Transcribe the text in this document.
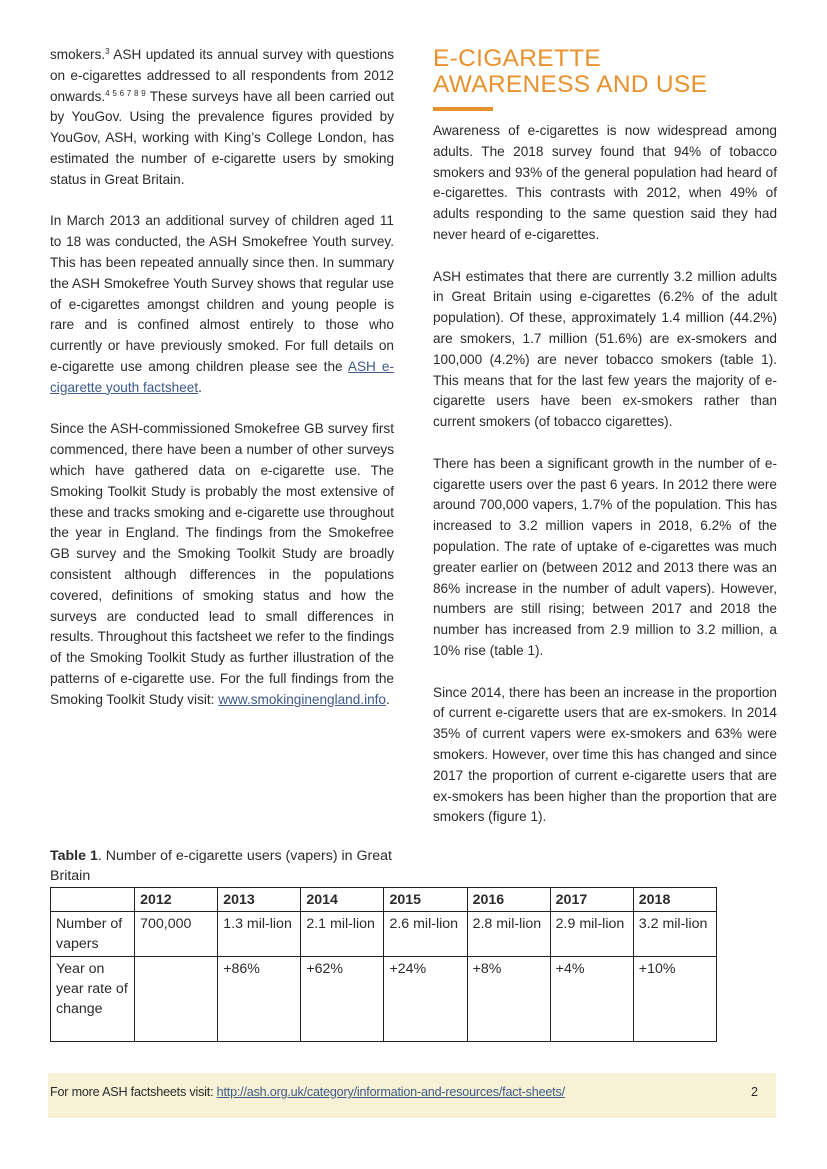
smokers.$^3$ ASH updated its annual survey with questions on e-cigarettes addressed to all respondents from 2012 onwards.$^{4 5 6 7 8 9}$ These surveys have all been carried out by YouGov. Using the prevalence figures provided by YouGov, ASH, working with King’s College London, has estimated the number of e-cigarette users by smoking status in Great Britain.

In March 2013 an additional survey of children aged 11 to 18 was conducted, the ASH Smokefree Youth survey. This has been repeated annually since then. In summary the ASH Smokefree Youth Survey shows that regular use of e-cigarettes amongst children and young people is rare and is confined almost entirely to those who currently or have previously smoked. For full details on e-cigarette use among children please see the ASH e-cigarette youth factsheet.

Since the ASH-commissioned Smokefree GB survey first commenced, there have been a number of other surveys which have gathered data on e-cigarette use. The Smoking Toolkit Study is probably the most extensive of these and tracks smoking and e-cigarette use throughout the year in England. The findings from the Smokefree GB survey and the Smoking Toolkit Study are broadly consistent although differences in the populations covered, definitions of smoking status and how the surveys are conducted lead to small differences in results. Throughout this factsheet we refer to the findings of the Smoking Toolkit Study as further illustration of the patterns of e-cigarette use. For the full findings from the Smoking Toolkit Study visit: www.smokinginengland.info.

E-CIGARETTE
AWARENESS AND USE

Awareness of e-cigarettes is now widespread among adults. The 2018 survey found that 94% of tobacco smokers and 93% of the general population had heard of e-cigarettes. This contrasts with 2012, when 49% of adults responding to the same question said they had never heard of e-cigarettes.

ASH estimates that there are currently 3.2 million adults in Great Britain using e-cigarettes (6.2% of the adult population). Of these, approximately 1.4 million (44.2%) are smokers, 1.7 million (51.6%) are ex-smokers and 100,000 (4.2%) are never tobacco smokers (table 1). This means that for the last few years the majority of e-cigarette users have been ex-smokers rather than current smokers (of tobacco cigarettes).

There has been a significant growth in the number of e-cigarette users over the past 6 years. In 2012 there were around 700,000 vapers, 1.7% of the population. This has increased to 3.2 million vapers in 2018, 6.2% of the population. The rate of uptake of e-cigarettes was much greater earlier on (between 2012 and 2013 there was an 86% increase in the number of adult vapers). However, numbers are still rising; between 2017 and 2018 the number has increased from 2.9 million to 3.2 million, a 10% rise (table 1).

Since 2014, there has been an increase in the proportion of current e-cigarette users that are ex-smokers. In 2014 35% of current vapers were ex-smokers and 63% were smokers. However, over time this has changed and since 2017 the proportion of current e-cigarette users that are ex-smokers has been higher than the proportion that are smokers (figure 1).

Table 1. Number of e-cigarette users (vapers) in Great Britain
	2012	2013	2014	2015	2016	2017	2018
Number of vapers	700,000	1.3 mil-lion	2.1 mil-lion	2.6 mil-lion	2.8 mil-lion	2.9 mil-lion	3.2 mil-lion
Year on year rate of change		+86%	+62%	+24%	+8%	+4%	+10%
For more ASH factsheets visit: http://ash.org.uk/category/information-and-resources/fact-sheets/	2
